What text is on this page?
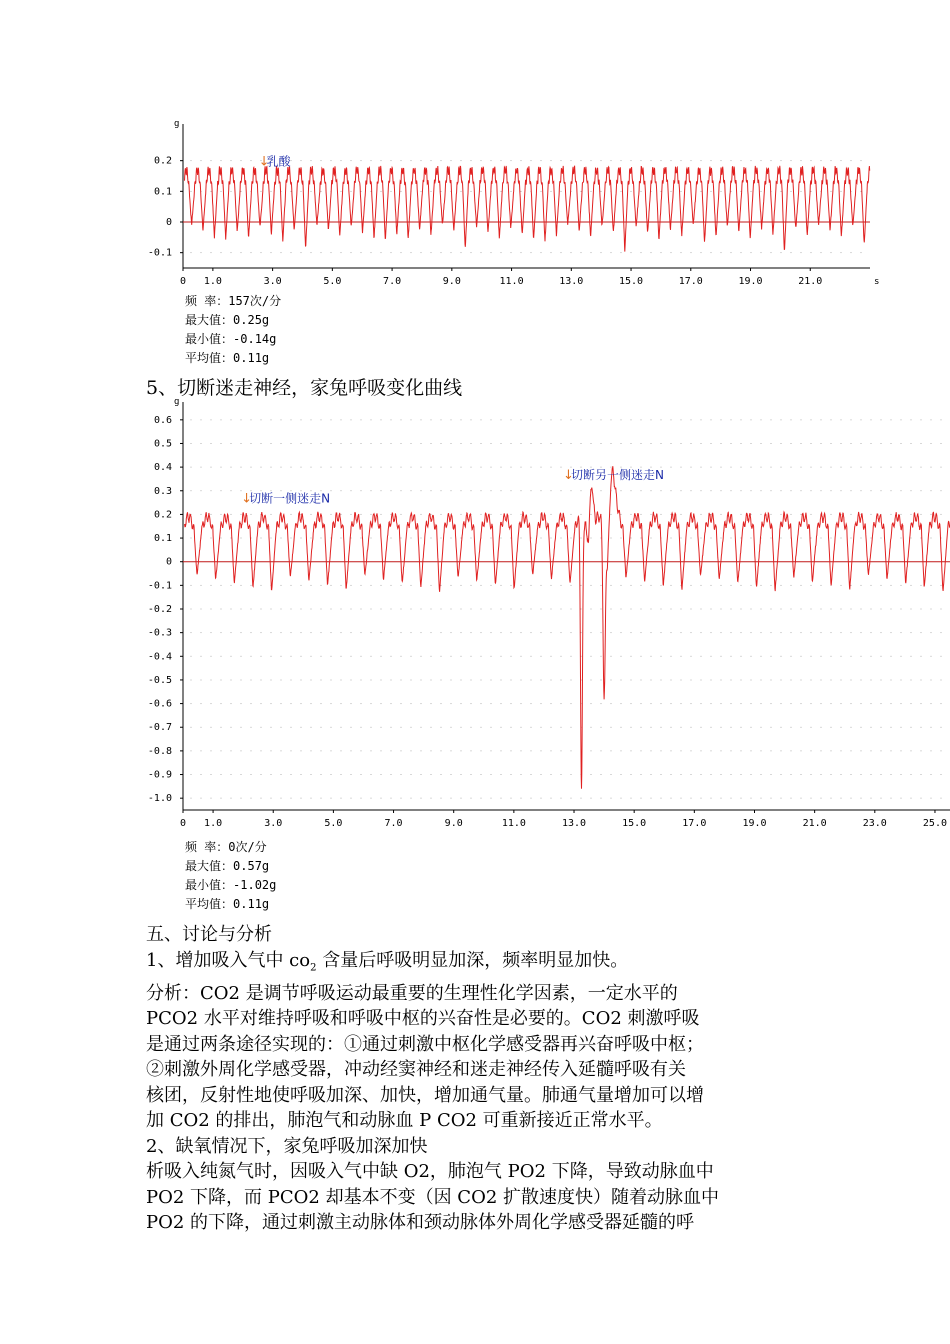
0.2
0.1
0
-0.1
0 1.0	3.0	5.0	7.0	9.0	11.0	13.0	15.0	17.0	19.0	21.0
g
s
↓
乳酸
频 率：157次/分
最大值：0.25g
最小值：-0.14g
平均值：0.11g
5、切断迷走神经，家兔呼吸变化曲线
0.6
0.5
0.4
0.3
0.2
0.1
0
-0.1
-0.2
-0.3
-0.4
-0.5
-0.6
-0.7
-0.8
-0.9
-1.0
0 1.0	3.0	5.0	7.0	9.0	11.0	13.0	15.0	17.0	19.0	21.0	23.0	25.0
g
↓
切断一侧迷走N
↓
切断另一侧迷走N
频 率：0次/分
最大值：0.57g
最小值：-1.02g
平均值：0.11g

五、讨论与分析

1、增加吸入气中 $co_2$ 含量后呼吸明显加深，频率明显加快。

分析：CO2 是调节呼吸运动最重要的生理性化学因素，一定水平的

PCO2 水平对维持呼吸和呼吸中枢的兴奋性是必要的。CO2 刺激呼吸

是通过两条途径实现的：①通过刺激中枢化学感受器再兴奋呼吸中枢；

②刺激外周化学感受器，冲动经窦神经和迷走神经传入延髓呼吸有关

核团，反射性地使呼吸加深、加快，增加通气量。肺通气量增加可以增

加 CO2 的排出，肺泡气和动脉血 P CO2 可重新接近正常水平。

2、缺氧情况下，家兔呼吸加深加快

析吸入纯氮气时，因吸入气中缺 O2，肺泡气 PO2 下降，导致动脉血中

PO2 下降，而 PCO2 却基本不变（因 CO2 扩散速度快）随着动脉血中

PO2 的下降，通过刺激主动脉体和颈动脉体外周化学感受器延髓的呼
